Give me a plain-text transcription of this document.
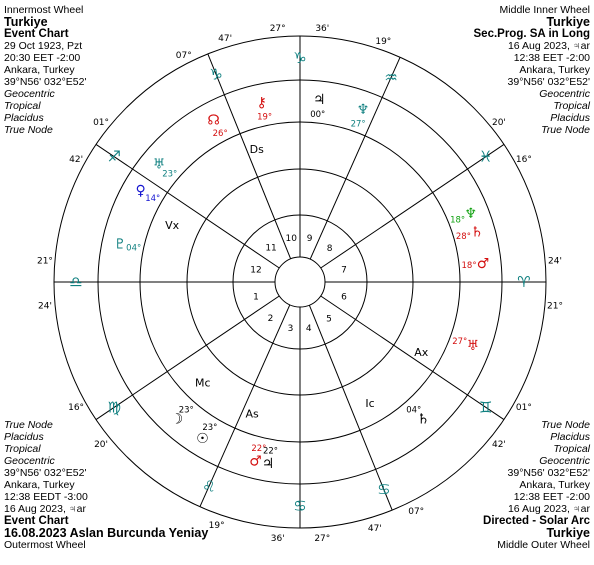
Innermost Wheel
Turkiye
Event Chart
29 Oct 1923, Pzt
20:30 EET -2:00
Ankara, Turkey
39°N56' 032°E52'
Geocentric
Tropical
Placidus
True Node
Middle Inner Wheel
Turkiye
Sec.Prog. SA in Long
16 Aug 2023, ♃ar
12:38 EET -2:00
Ankara, Turkey
39°N56' 032°E52'
Geocentric
Tropical
Placidus
True Node
True Node
Placidus
Tropical
Geocentric
39°N56' 032°E52'
Ankara, Turkey
12:38 EEDT -3:00
16 Aug 2023, ♃ar
Event Chart
16.08.2023 Aslan Burcunda Yeniay
Outermost Wheel
True Node
Placidus
Tropical
Geocentric
39°N56' 032°E52'
Ankara, Turkey
12:38 EET -2:00
16 Aug 2023, ♃ar
Directed - Solar Arc
Turkiye
Middle Outer Wheel
1
2
3 4
5
6
7
8
9
10
11
12
♈
24'
21°
♓
20'
16°
♒
19°
♑
27°	36'
♑
07°
47'
♐
42'
01°
♎
24'
21°
♍
20'
16°
♌
19°
♋
27°
36'
♋
07°
47'
♊	01°
42'
☊
26°
⚷
19°
♅
23°
♀ 14°
♇ 04°
☉
23°
☽
23°
♃
22°
♂
22°
♄
04°
♆
27°
♃
00°
♂
18°
♄
28°
♆
18°
♅
27°
Ds
Ic
Mc
As
Vx
Ax
